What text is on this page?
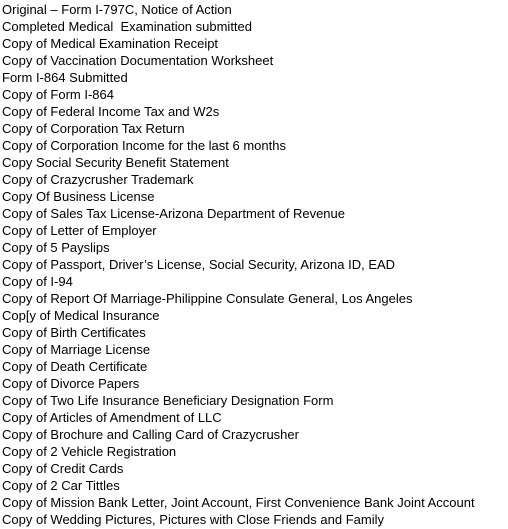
Original – Form I-797C, Notice of Action
Completed Medical  Examination submitted
Copy of Medical Examination Receipt
Copy of Vaccination Documentation Worksheet
Form I-864 Submitted
Copy of Form I-864
Copy of Federal Income Tax and W2s
Copy of Corporation Tax Return
Copy of Corporation Income for the last 6 months
Copy Social Security Benefit Statement
Copy of Crazycrusher Trademark
Copy Of Business License
Copy of Sales Tax License-Arizona Department of Revenue
Copy of Letter of Employer
Copy of 5 Payslips
Copy of Passport, Driver’s License, Social Security, Arizona ID, EAD
Copy of I-94
Copy of Report Of Marriage-Philippine Consulate General, Los Angeles
Cop[y of Medical Insurance
Copy of Birth Certificates
Copy of Marriage License
Copy of Death Certificate
Copy of Divorce Papers
Copy of Two Life Insurance Beneficiary Designation Form
Copy of Articles of Amendment of LLC
Copy of Brochure and Calling Card of Crazycrusher
Copy of 2 Vehicle Registration
Copy of Credit Cards
Copy of 2 Car Tittles
Copy of Mission Bank Letter, Joint Account, First Convenience Bank Joint Account
Copy of Wedding Pictures, Pictures with Close Friends and Family
